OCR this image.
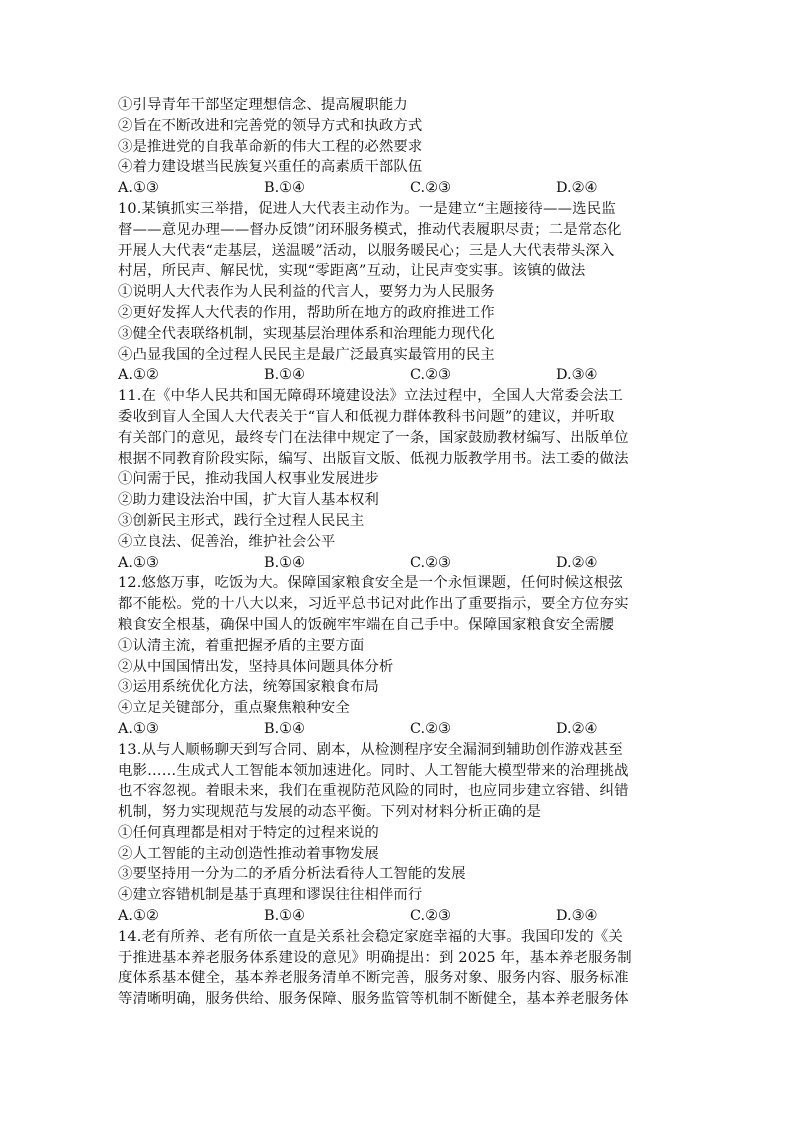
①引导青年干部坚定理想信念、提高履职能力
②旨在不断改进和完善党的领导方式和执政方式
③是推进党的自我革命新的伟大工程的必然要求
④着力建设堪当民族复兴重任的高素质干部队伍
A.①③	B.①④	C.②③	D.②④
10.某镇抓实三举措，促进人大代表主动作为。一是建立“主题接待——选民监
督——意见办理——督办反馈”闭环服务模式，推动代表履职尽责；二是常态化
开展人大代表“走基层，送温暖”活动，以服务暖民心；三是人大代表带头深入
村居，所民声、解民忧，实现“零距离”互动，让民声变实事。该镇的做法
①说明人大代表作为人民利益的代言人，要努力为人民服务
②更好发挥人大代表的作用，帮助所在地方的政府推进工作
③健全代表联络机制，实现基层治理体系和治理能力现代化
④凸显我国的全过程人民民主是最广泛最真实最管用的民主
A.①②	B.①④	C.②③	D.③④
11.在《中华人民共和国无障碍环境建设法》立法过程中，全国人大常委会法工
委收到盲人全国人大代表关于“盲人和低视力群体教科书问题”的建议，并听取
有关部门的意见，最终专门在法律中规定了一条，国家鼓励教材编写、出版单位
根据不同教育阶段实际，编写、出版盲文版、低视力版教学用书。法工委的做法
①问需于民，推动我国人权事业发展进步
②助力建设法治中国，扩大盲人基本权利
③创新民主形式，践行全过程人民民主
④立良法、促善治，维护社会公平
A.①③	B.①④	C.②③	D.②④
12.悠悠万事，吃饭为大。保障国家粮食安全是一个永恒课题，任何时候这根弦
都不能松。党的十八大以来，习近平总书记对此作出了重要指示，要全方位夯实
粮食安全根基，确保中国人的饭碗牢牢端在自己手中。保障国家粮食安全需腰
①认清主流，着重把握矛盾的主要方面
②从中国国情出发，坚持具体问题具体分析
③运用系统优化方法，统筹国家粮食布局
④立足关键部分，重点聚焦粮种安全
A.①③	B.①④	C.②③	D.②④
13.从与人顺畅聊天到写合同、剧本，从检测程序安全漏洞到辅助创作游戏甚至
电影……生成式人工智能本领加速进化。同时、人工智能大模型带来的治理挑战
也不容忽视。着眼未来，我们在重视防范风险的同时，也应同步建立容错、纠错
机制，努力实现规范与发展的动态平衡。下列对材料分析正确的是
①任何真理都是相对于特定的过程来说的
②人工智能的主动创造性推动着事物发展
③要坚持用一分为二的矛盾分析法看待人工智能的发展
④建立容错机制是基于真理和谬误往往相伴而行
A.①②	B.①④	C.②③	D.③④
14.老有所养、老有所依一直是关系社会稳定家庭幸福的大事。我国印发的《关
于推进基本养老服务体系建设的意见》明确提出：到 2025 年，基本养老服务制
度体系基本健全，基本养老服务清单不断完善，服务对象、服务内容、服务标准
等清晰明确，服务供给、服务保障、服务监管等机制不断健全，基本养老服务体
